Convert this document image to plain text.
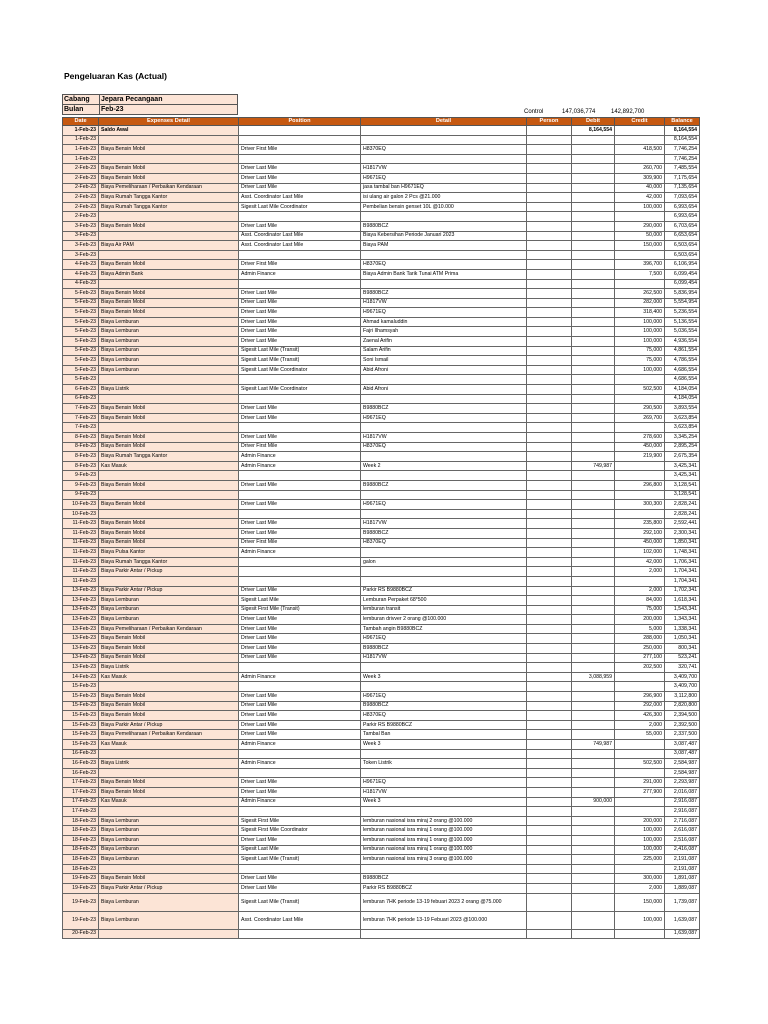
Pengeluaran Kas (Actual)
Cabang	Jepara Pecangaan
Bulan	Feb-23	Control	147,036,774	142,892,700
Date	Expenses Detail	Position	Detail	Person	Debit	Credit	Balance
1-Feb-23	Saldo Awal				8,164,554		8,164,554
1-Feb-23							8,164,554
1-Feb-23	Biaya Bensin Mobil	Driver First Mile	H8370EQ			418,500	7,746,254
1-Feb-23							7,746,254
2-Feb-23	Biaya Bensin Mobil	Driver Last Mile	H1817VW			260,700	7,485,554
2-Feb-23	Biaya Bensin Mobil	Driver Last Mile	H9671EQ			309,900	7,175,654
2-Feb-23	Biaya Pemeliharaan / Perbaikan Kendaraan	Driver Last Mile	jasa tambal ban H9671EQ			40,000	7,135,654
2-Feb-23	Biaya Rumah Tangga Kantor	Asst. Coordinator Last Mile	isi ulang air galon 2 Pcs @21.000			42,000	7,093,654
2-Feb-23	Biaya Rumah Tangga Kantor	Sigesit Last Mile Coordinator	Pembelian bensin genset 10L @10.000			100,000	6,993,654
2-Feb-23							6,993,654
3-Feb-23	Biaya Bensin Mobil	Driver Last Mile	B9880BCZ			290,000	6,703,654
3-Feb-23		Asst. Coordinator Last Mile	Biaya Kebersihan Periode Januari 2023			50,000	6,653,654
3-Feb-23	Biaya Air PAM	Asst. Coordinator Last Mile	Biaya PAM			150,000	6,503,654
3-Feb-23							6,503,654
4-Feb-23	Biaya Bensin Mobil	Driver First Mile	H8370EQ			396,700	6,106,954
4-Feb-23	Biaya Admin Bank	Admin Finance	Biaya Admin Bank Tarik Tunai ATM Prima			7,500	6,099,454
4-Feb-23							6,099,454
5-Feb-23	Biaya Bensin Mobil	Driver Last Mile	B9880BCZ			262,500	5,836,954
5-Feb-23	Biaya Bensin Mobil	Driver Last Mile	H1817VW			282,000	5,554,954
5-Feb-23	Biaya Bensin Mobil	Driver Last Mile	H9671EQ			318,400	5,236,554
5-Feb-23	Biaya Lemburan	Driver Last Mile	Ahmad kamaluddin			100,000	5,136,554
5-Feb-23	Biaya Lemburan	Driver Last Mile	Fajri Ilhamsyah			100,000	5,036,554
5-Feb-23	Biaya Lemburan	Driver Last Mile	Zaenal Arifin			100,000	4,936,554
5-Feb-23	Biaya Lemburan	Sigesit Last Mile (Transit)	Salam Arifin			75,000	4,861,554
5-Feb-23	Biaya Lemburan	Sigesit Last Mile (Transit)	Soni Ismail			75,000	4,786,554
5-Feb-23	Biaya Lemburan	Sigesit Last Mile Coordinator	Abid Afroni			100,000	4,686,554
5-Feb-23							4,686,554
6-Feb-23	Biaya Listrik	Sigesit Last Mile Coordinator	Abid Afroni			502,500	4,184,054
6-Feb-23							4,184,054
7-Feb-23	Biaya Bensin Mobil	Driver Last Mile	B9880BCZ			290,500	3,893,554
7-Feb-23	Biaya Bensin Mobil	Driver Last Mile	H9671EQ			269,700	3,623,854
7-Feb-23							3,623,854
8-Feb-23	Biaya Bensin Mobil	Driver Last Mile	H1817VW			278,600	3,345,254
8-Feb-23	Biaya Bensin Mobil	Driver First Mile	H8370EQ			450,000	2,895,254
8-Feb-23	Biaya Rumah Tangga Kantor	Admin Finance				219,900	2,675,354
8-Feb-23	Kas Masuk	Admin Finance	Week 2		749,987		3,425,341
9-Feb-23							3,425,341
9-Feb-23	Biaya Bensin Mobil	Driver Last Mile	B9880BCZ			296,800	3,128,541
9-Feb-23							3,128,541
10-Feb-23	Biaya Bensin Mobil	Driver Last Mile	H9671EQ			300,300	2,828,241
10-Feb-23							2,828,241
11-Feb-23	Biaya Bensin Mobil	Driver Last Mile	H1817VW			235,800	2,592,441
11-Feb-23	Biaya Bensin Mobil	Driver Last Mile	B9880BCZ			292,100	2,300,341
11-Feb-23	Biaya Bensin Mobil	Driver First Mile	H8370EQ			450,000	1,850,341
11-Feb-23	Biaya Pulsa Kantor	Admin Finance				102,000	1,748,341
11-Feb-23	Biaya Rumah Tangga Kantor		galon			42,000	1,706,341
11-Feb-23	Biaya Parkir Antar / Pickup					2,000	1,704,341
11-Feb-23							1,704,341
13-Feb-23	Biaya Parkir Antar / Pickup	Driver Last Mile	Parkir RS B9880BCZ			2,000	1,702,341
13-Feb-23	Biaya Lemburan	Sigesit Last Mile	Lemburan Perpaket 68*500			84,000	1,618,341
13-Feb-23	Biaya Lemburan	Sigesit First Mile (Transit)	lemburan transit			75,000	1,543,341
13-Feb-23	Biaya Lemburan	Driver Last Mile	lemburan drivver 2 orang @100.000			200,000	1,343,341
13-Feb-23	Biaya Pemeliharaan / Perbaikan Kendaraan	Driver Last Mile	Tambah angin B9880BCZ			5,000	1,338,341
13-Feb-23	Biaya Bensin Mobil	Driver Last Mile	H9671EQ			288,000	1,050,341
13-Feb-23	Biaya Bensin Mobil	Driver Last Mile	B9880BCZ			250,000	800,341
13-Feb-23	Biaya Bensin Mobil	Driver Last Mile	H1817VW			277,100	523,241
13-Feb-23	Biaya Listrik					202,500	320,741
14-Feb-23	Kas Masuk	Admin Finance	Week 3		3,088,959		3,409,700
15-Feb-23							3,409,700
15-Feb-23	Biaya Bensin Mobil	Driver Last Mile	H9671EQ			296,900	3,112,800
15-Feb-23	Biaya Bensin Mobil	Driver Last Mile	B9880BCZ			292,000	2,820,800
15-Feb-23	Biaya Bensin Mobil	Driver Last Mile	H8370EQ			426,300	2,394,500
15-Feb-23	Biaya Parkir Antar / Pickup	Driver Last Mile	Parkir RS B9880BCZ			2,000	2,392,500
15-Feb-23	Biaya Pemeliharaan / Perbaikan Kendaraan	Driver Last Mile	Tambal Ban			55,000	2,337,500
15-Feb-23	Kas Masuk	Admin Finance	Week 3		749,987		3,087,487
16-Feb-23							3,087,487
16-Feb-23	Biaya Listrik	Admin Finance	Token Listrik			502,500	2,584,987
16-Feb-23							2,584,987
17-Feb-23	Biaya Bensin Mobil	Driver Last Mile	H9671EQ			291,000	2,293,987
17-Feb-23	Biaya Bensin Mobil	Driver Last Mile	H1817VW			277,900	2,016,087
17-Feb-23	Kas Masuk	Admin Finance	Week 3		900,000		2,916,087
17-Feb-23							2,916,087
18-Feb-23	Biaya Lemburan	Sigesit First Mile	lemburan nasional isra miraj 2 orang @100.000			200,000	2,716,087
18-Feb-23	Biaya Lemburan	Sigesit First Mile Coordinator	lemburan nasional isra miraj 1 orang @100.000			100,000	2,616,087
18-Feb-23	Biaya Lemburan	Driver Last Mile	lemburan nasional isra miraj 1 orang @100.000			100,000	2,516,087
18-Feb-23	Biaya Lemburan	Sigesit Last Mile	lemburan nasional isra miraj 1 orang @100.000			100,000	2,416,087
18-Feb-23	Biaya Lemburan	Sigesit Last Mile (Transit)	lemburan nasional isra miraj 3 orang @100.000			225,000	2,191,087
18-Feb-23							2,191,087
19-Feb-23	Biaya Bensin Mobil	Driver Last Mile	B9880BCZ			300,000	1,891,087
19-Feb-23	Biaya Parkir Antar / Pickup	Driver Last Mile	Parkir RS B9880BCZ			2,000	1,889,087
19-Feb-23	Biaya Lemburan	Sigesit Last Mile (Transit)	lemburan 7HK periode 13-19 febuari 2023 2 orang @75.000			150,000	1,739,087
19-Feb-23	Biaya Lemburan	Asst. Coordinator Last Mile	lemburan 7HK periode 13-19 Febuari 2023 @100.000			100,000	1,639,087
20-Feb-23							1,639,087
